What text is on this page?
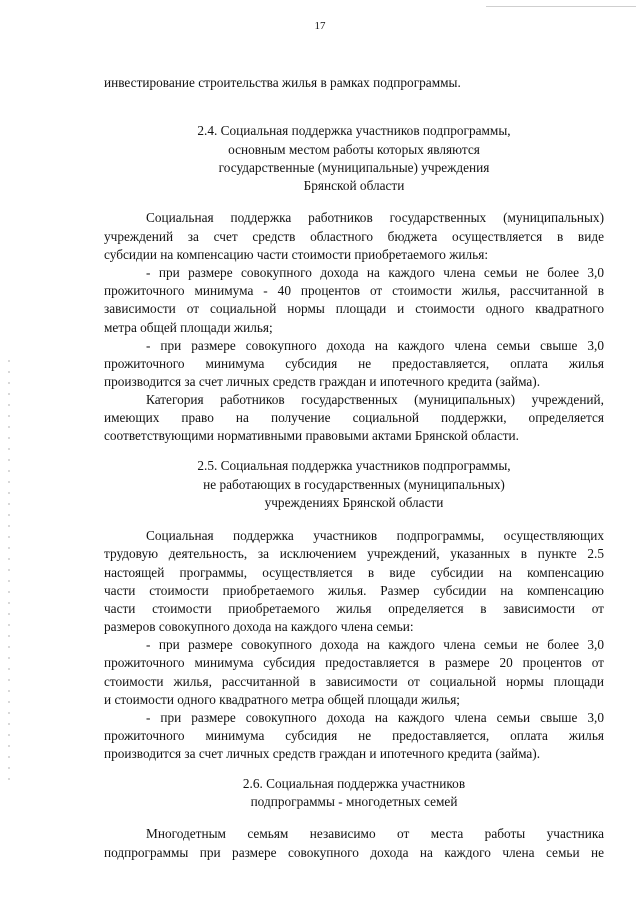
17
инвестирование строительства жилья в рамках подпрограммы.
2.4. Социальная поддержка участников подпрограммы,
основным местом работы которых являются
государственные (муниципальные) учреждения
Брянской области
Социальная поддержка работников государственных (муниципальных)
учреждений за счет средств областного бюджета осуществляется в виде
субсидии на компенсацию части стоимости приобретаемого жилья:
- при размере совокупного дохода на каждого члена семьи не более 3,0
прожиточного минимума - 40 процентов от стоимости жилья, рассчитанной в
зависимости от социальной нормы площади и стоимости одного квадратного
метра общей площади жилья;
- при размере совокупного дохода на каждого члена семьи свыше 3,0
прожиточного минимума субсидия не предоставляется, оплата жилья
производится за счет личных средств граждан и ипотечного кредита (займа).
Категория работников государственных (муниципальных) учреждений,
имеющих право на получение социальной поддержки, определяется
соответствующими нормативными правовыми актами Брянской области.
2.5. Социальная поддержка участников подпрограммы,
не работающих в государственных (муниципальных)
учреждениях Брянской области
Социальная поддержка участников подпрограммы, осуществляющих
трудовую деятельность, за исключением учреждений, указанных в пункте 2.5
настоящей программы, осуществляется в виде субсидии на компенсацию
части стоимости приобретаемого жилья. Размер субсидии на компенсацию
части стоимости приобретаемого жилья определяется в зависимости от
размеров совокупного дохода на каждого члена семьи:
- при размере совокупного дохода на каждого члена семьи не более 3,0
прожиточного минимума субсидия предоставляется в размере 20 процентов от
стоимости жилья, рассчитанной в зависимости от социальной нормы площади
и стоимости одного квадратного метра общей площади жилья;
- при размере совокупного дохода на каждого члена семьи свыше 3,0
прожиточного минимума субсидия не предоставляется, оплата жилья
производится за счет личных средств граждан и ипотечного кредита (займа).
2.6. Социальная поддержка участников
подпрограммы - многодетных семей
Многодетным семьям независимо от места работы участника
подпрограммы при размере совокупного дохода на каждого члена семьи не
